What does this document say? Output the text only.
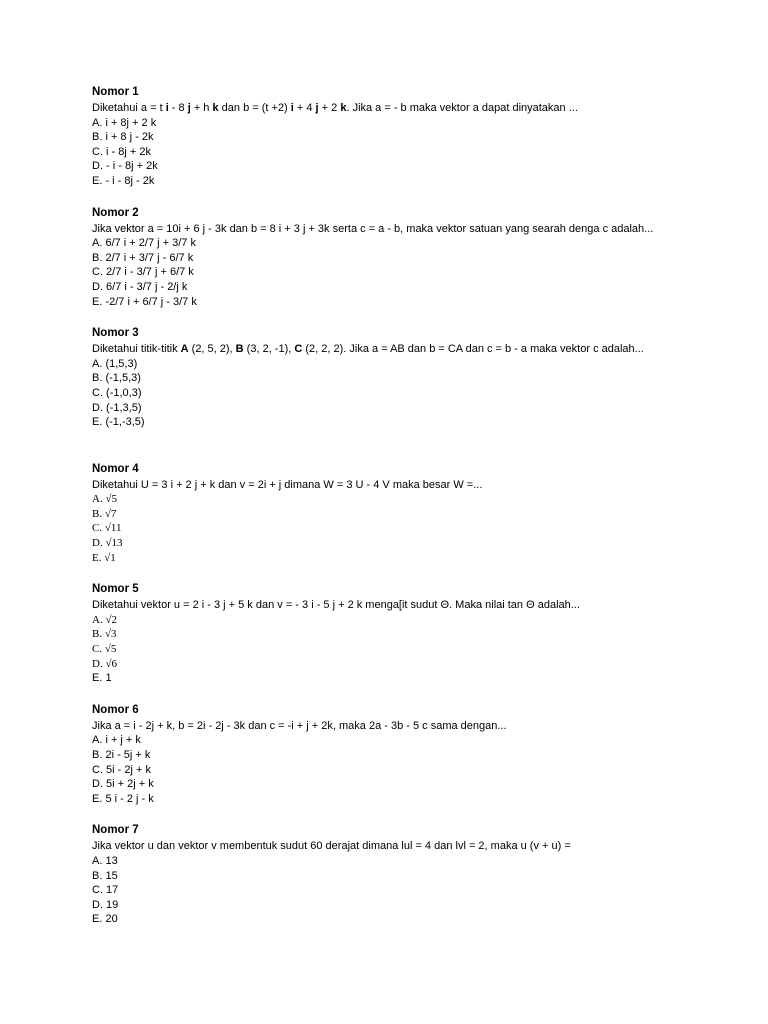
Nomor 1
Diketahui a = t i - 8 j + h k dan b = (t +2) i + 4 j + 2 k. Jika a = - b maka vektor a dapat dinyatakan ...
A. i + 8j + 2 k
B. i + 8 j - 2k
C. i - 8j + 2k
D. - i - 8j + 2k
E. - i - 8j - 2k
Nomor 2
Jika vektor a = 10i + 6 j - 3k dan b = 8 i + 3 j + 3k serta c = a - b, maka vektor satuan yang searah denga c adalah...
A. 6/7 i + 2/7 j + 3/7 k
B. 2/7 i + 3/7 j - 6/7 k
C. 2/7 i - 3/7 j + 6/7 k
D. 6/7 i - 3/7 j - 2/j k
E. -2/7 i + 6/7 j - 3/7 k
Nomor 3
Diketahui titik-titik A (2, 5, 2), B (3, 2, -1), C (2, 2, 2). Jika a = AB dan b = CA dan c = b - a maka vektor c adalah...
A. (1,5,3)
B. (-1,5,3)
C. (-1,0,3)
D. (-1,3,5)
E. (-1,-3,5)
Nomor 4
Diketahui U = 3 i + 2 j + k dan v = 2i + j dimana W = 3 U - 4 V maka besar W =...
A. √5
B. √7
C. √11
D. √13
E. √1
Nomor 5
Diketahui vektor u = 2 i - 3 j + 5 k dan v = - 3 i - 5 j + 2 k menga[it sudut Θ. Maka nilai tan Θ adalah...
A. √2
B. √3
C. √5
D. √6
E. 1
Nomor 6
Jika a = i - 2j + k, b = 2i - 2j - 3k dan c = -i + j + 2k, maka 2a - 3b - 5 c sama dengan...
A. i + j + k
B. 2i - 5j + k
C. 5i - 2j + k
D. 5i + 2j + k
E. 5 i - 2 j - k
Nomor 7
Jika vektor u dan vektor v membentuk sudut 60 derajat dimana lul = 4 dan lvl = 2, maka u (v + u) =
A. 13
B. 15
C. 17
D. 19
E. 20
